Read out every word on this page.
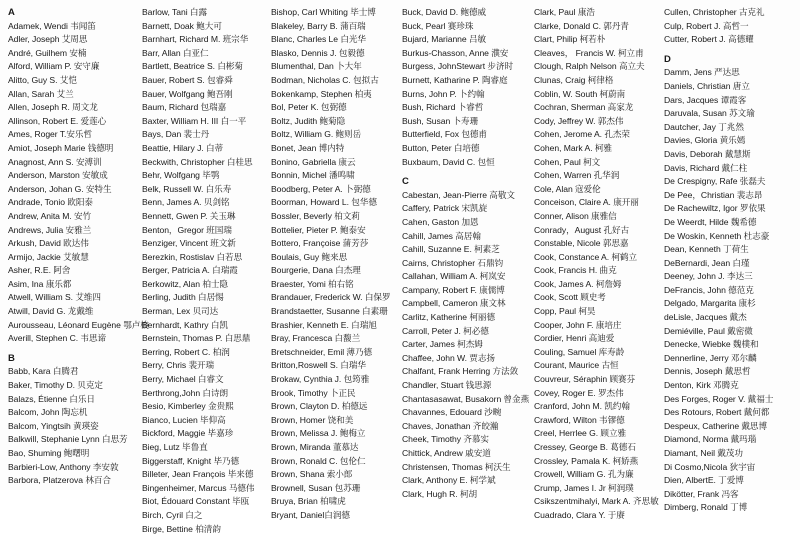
A
Adamek, Wendi 韦闻笛
Adler, Joseph 艾周思
André, Guilhem 安楠
Alford, William P. 安守廉
Alitto, Guy S. 艾恺
Allan, Sarah 艾兰
Allen, Joseph R. 周文龙
Allinson, Robert E. 爱莲心
Ames, Roger T.安乐哲
Amiot, Joseph Marie 钱德明
Anagnost, Ann S. 安溥训
Anderson, Marston 安敏成
Anderson, Johan G. 安特生
Andrade, Tonio 欧阳泰
Andrew, Anita M. 安竹
Andrews, Julia 安雅兰
Arkush, David 欧达伟
Armijo, Jackie 艾敏慧
Asher, R.E. 阿舍
Asim, Ina 康乐都
Atwell, William S. 艾维四
Atwill, David G. 龙戴维
Aurousseau, Léonard Eugène 鄂卢梭
Averill, Stephen C. 韦思谛
B
Babb, Kara 白腾君
Baker, Timothy D. 贝克定
Balazs, Étienne 白乐日
Balcom, John 陶忘机
Balcom, Yingtsih 黄瑛姿
Balkwill, Stephanie Lynn 白思芳
Bao, Shuming 鲍曙明
Barbieri-Low, Anthony 李安敦
Barbora, Platzerova 林百合
Barlow, Tani 白露
Barnett, Doak 鲍大可
Barnhart, Richard M. 班宗华
Barr, Allan 白亚仁
Bartlett, Beatrice S. 白彬菊
Bauer, Robert S. 包睿舜
Bauer, Wolfgang 鲍吾刚
Baum, Richard 包瑞嘉
Baxter, William H. III 白一平
Bays, Dan 裴士丹
Beattie, Hilary J. 白蒂
Beckwith, Christopher 白桂思
Behr, Wolfgang 毕鹗
Belk, Russell W. 白乐寿
Benn, James A. 贝剑铭
Bennett, Gwen P. 关玉琳
Benton，Gregor 班国瑞
Benziger, Vincent 班文新
Berezkin, Rostislav 白若思
Berger, Patricia A. 白瑞霞
Berkowitz, Alan 柏士隐
Berling, Judith 白居惕
Berman, Lex 贝司达
Bernhardt, Kathry 白凯
Bernstein, Thomas P. 白思鼎
Berring, Robert C. 柏润
Berry, Chris 裴开瑞
Berry, Michael 白睿文
Berthrong,John 白诗朗
Besio, Kimberley 金贵熙
Bianco, Lucien 毕仰高
Bickford, Maggie 毕嘉珍
Bieg, Lutz 毕鲁直
Biggerstaff, Knight 毕乃德
Billeter, Jean François 毕来德
Bingenheimer, Marcus 马德伟
Biot, Édouard Constant 毕瓯
Birch, Cyril 白之
Birge, Bettine 柏清韵
Bishop, Carl Whiting 毕士博
Blakeley, Barry B. 蒲百瑞
Blanc, Charles Le 白光华
Blasko, Dennis J. 包毅德
Blumenthal, Dan 卜大年
Bodman, Nicholas C. 包拟古
Bokenkamp, Stephen 柏夷
Bol, Peter K. 包弼德
Boltz, Judith 鲍菊隐
Boltz, William G. 鲍则岳
Bonet, Jean 博内特
Bonino, Gabriella 康云
Bonnin, Michel 潘鸣啸
Boodberg, Peter A. 卜弼德
Boorman, Howard L. 包华德
Bossler, Beverly 柏文莉
Bottelier, Pieter P. 鲍泰安
Bottero, Françoise 蒲芳莎
Boulais, Guy 鲍来思
Bourgerie, Dana 白杰理
Braester, Yomi 柏右铭
Brandauer, Frederick W. 白保罗
Brandstaetter, Susanne 白素珊
Brashier, Kenneth E. 白瑞旭
Bray, Francesca 白馥兰
Bretschneider, Emil 薄乃德
Britton,Roswell S. 白瑞华
Brokaw, Cynthia J. 包筠雅
Brook, Timothy 卜正民
Brown, Clayton D. 柏德远
Brown, Homer 饶和美
Brown, Melissa J. 鲍梅立
Brown, Miranda 董慕达
Brown, Ronald C. 包伦仁
Brown, Shana 索小郎
Brownell, Susan 包苏珊
Bruya, Brian 柏啸虎
Bryant, Daniel白润德
Buck, David D. 鲍德威
Buck, Pearl 赛珍珠
Bujard, Marianne 吕敏
Burkus-Chasson, Anne 濮安
Burgess, JohnStewart 步济时
Burnett, Katharine P. 陶睿庭
Burns, John P. 卜约翰
Bush, Richard 卜睿哲
Bush, Susan 卜寿珊
Butterfield, Fox 包德甫
Button, Peter 白培德
Buxbaum, David C. 包恒
C
Cabestan, Jean-Pierre 高敬文
Caffery, Patrick 宋凯旋
Cahen, Gaston 加恩
Cahill, James 高居翰
Cahill, Suzanne E. 柯素芝
Cairns, Christopher 石鼎钧
Callahan, William A. 柯岚安
Campany, Robert F. 康儒博
Campbell, Cameron 康文林
Carlitz, Katherine 柯丽德
Carroll, Peter J. 柯必德
Carter, James 柯杰姆
Chaffee, John W. 贾志扬
Chalfant, Frank Herring 方法敛
Chandler, Stuart 钱思源
Chantasasawat, Busakorn 曾金燕
Chavannes, Edouard 沙畹
Chaves, Jonathan 齐皎瀚
Cheek, Timothy 齐慕实
Chittick, Andrew 戚安道
Christensen, Thomas 柯沃生
Clark, Anthony E. 柯学斌
Clark, Hugh R. 柯胡
Clark, Paul 康浩
Clarke, Donald C. 郭丹青
Clart, Philip 柯若朴
Cleaves， Francis W. 柯立甫
Clough, Ralph Nelson 高立夫
Clunas, Craig 柯律格
Coblin, W. South 柯蔚南
Cochran, Sherman 高家龙
Cody, Jeffrey W. 郭杰伟
Cohen, Jerome A. 孔杰荣
Cohen, Mark A. 柯雅
Cohen, Paul 柯文
Cohen, Warren 孔华润
Cole, Alan 寇爱伦
Conceison, Claire A. 康开丽
Conner, Alison 康雅信
Conrady，August 孔好古
Constable, Nicole 郭思嘉
Cook, Constance A. 柯鹤立
Cook, Francis H. 曲克
Cook, James A. 柯詹姆
Cook, Scott 顾史考
Copp, Paul 柯昊
Cooper, John F. 康培庄
Cordier, Henri 高迪爱
Couling, Samuel 库寿龄
Courant, Maurice 古恒
Couvreur, Séraphin 顾赛芬
Covey, Roger E. 罗杰伟
Cranford, John M. 凯约翰
Crawford, Wilton 韦镠德
Creel, Herrlee G. 顾立雅
Cressey, George B. 葛德石
Crossley, Pamala K. 柯娇燕
Crowell, William G. 孔为廉
Crump, James I. Jr 柯润璞
Csikszentmihalyi, Mark A. 齐思敏
Cuadrado, Clara Y. 于赓
Cullen, Christopher 古克礼
Culp, Robert J. 高哲一
Cutter, Robert J. 高德耀
D
Damm, Jens 严达思
Daniels, Christian 唐立
Dars, Jacques 谭霞客
Daruvala, Susan 苏文瑜
Dautcher, Jay 丁兆然
Davies, Gloria 黄乐嫣
Davis, Deborah 戴慧斯
Davis, Richard 戴仁柱
De Crespigny, Rafe 张磊夫
De Pee，Christian 裴志昂
De Rachewiltz, Igor 罗依果
De Weerdt, Hilde 魏希德
De Woskin, Kenneth 杜志豪
Dean, Kenneth 丁荷生
DeBernardi, Jean 白瑾
Deeney, John J. 李达三
DeFrancis, John 德范克
Delgado, Margarita 康杉
deLisle, Jacques 戴杰
Demiéville, Paul 戴密微
Denecke, Wiebke 魏樸和
Dennerline, Jerry 邓尔麟
Dennis, Joseph 戴思哲
Denton, Kirk 邓腾克
Des Forges, Roger V. 戴福士
Des Rotours, Robert 戴何都
Despeux, Catherine 戴思博
Diamond, Norma 戴玛瑙
Diamant, Neil 戴茂功
Di Cosmo,Nicola 狄宇宙
Dien, AlbertE. 丁爱博
Dikötter, Frank 冯客
Dimberg, Ronald 丁博
